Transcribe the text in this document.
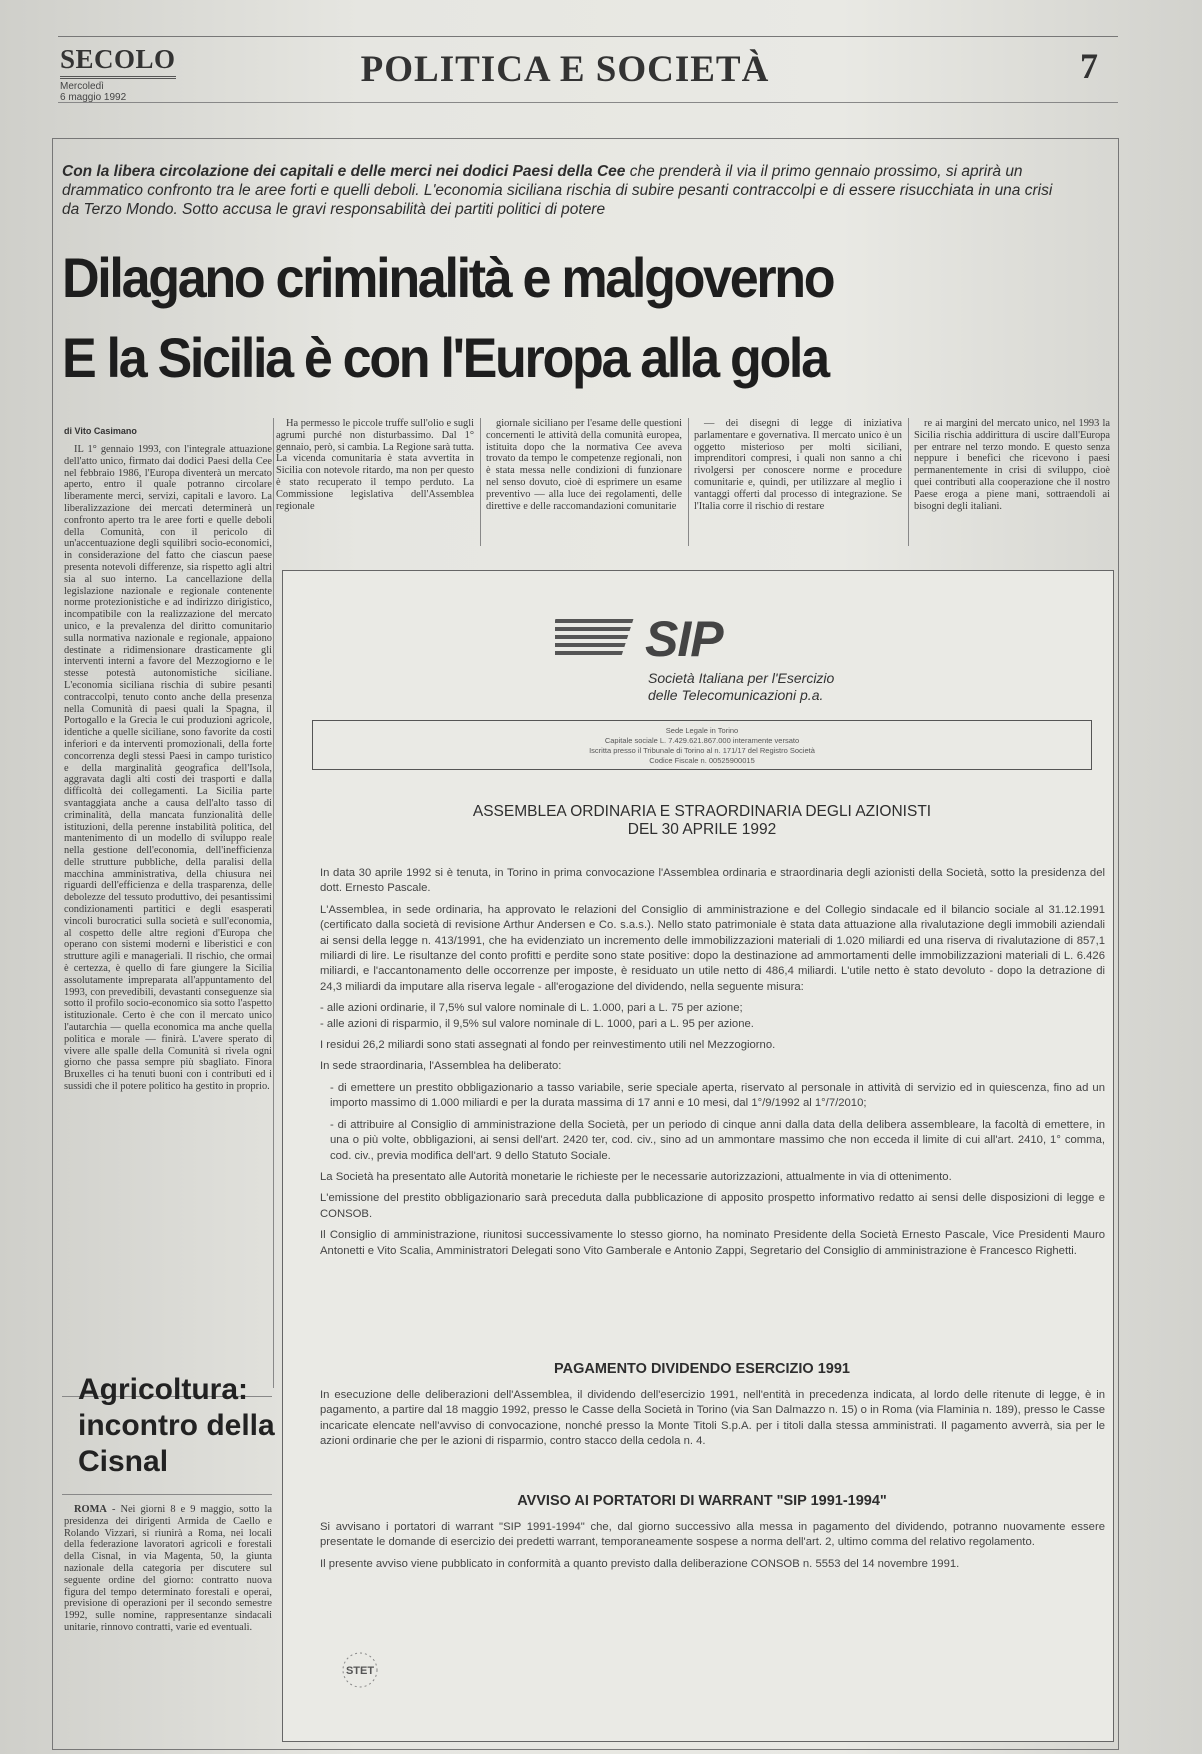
SECOLO
Mercoledì
6 maggio 1992
POLITICA E SOCIETÀ	7
Con la libera circolazione dei capitali e delle merci nei dodici Paesi della Cee che prenderà il via il primo gennaio prossimo, si aprirà un drammatico confronto tra le aree forti e quelli deboli. L'economia siciliana rischia di subire pesanti contraccolpi e di essere risucchiata in una crisi da Terzo Mondo. Sotto accusa le gravi responsabilità dei partiti politici di potere
Dilagano criminalità e malgoverno
E la Sicilia è con l'Europa alla gola
di Vito Casimano

IL 1° gennaio 1993, con l'integrale attuazione dell'atto unico, firmato dai dodici Paesi della Cee nel febbraio 1986, l'Europa diventerà un mercato aperto, entro il quale potranno circolare liberamente merci, servizi, capitali e lavoro. La liberalizzazione dei mercati determinerà un confronto aperto tra le aree forti e quelle deboli della Comunità, con il pericolo di un'accentuazione degli squilibri socio-economici, in considerazione del fatto che ciascun paese presenta notevoli differenze, sia rispetto agli altri sia al suo interno. La cancellazione della legislazione nazionale e regionale contenente norme protezionistiche e ad indirizzo dirigistico, incompatibile con la realizzazione del mercato unico, e la prevalenza del diritto comunitario sulla normativa nazionale e regionale, appaiono destinate a ridimensionare drasticamente gli interventi interni a favore del Mezzogiorno e le stesse potestà autonomistiche siciliane. L'economia siciliana rischia di subire pesanti contraccolpi, tenuto conto anche della presenza nella Comunità di paesi quali la Spagna, il Portogallo e la Grecia le cui produzioni agricole, identiche a quelle siciliane, sono favorite da costi inferiori e da interventi promozionali, della forte concorrenza degli stessi Paesi in campo turistico e della marginalità geografica dell'Isola, aggravata dagli alti costi dei trasporti e dalla difficoltà dei collegamenti. La Sicilia parte svantaggiata anche a causa dell'alto tasso di criminalità, della mancata funzionalità delle istituzioni, della perenne instabilità politica, del mantenimento di un modello di sviluppo reale nella gestione dell'economia, dell'inefficienza delle strutture pubbliche, della paralisi della macchina amministrativa, della chiusura nei riguardi dell'efficienza e della trasparenza, delle debolezze del tessuto produttivo, dei pesantissimi condizionamenti partitici e degli esasperati vincoli burocratici sulla società e sull'economia, al cospetto delle altre regioni d'Europa che operano con sistemi moderni e liberistici e con strutture agili e manageriali. Il rischio, che ormai è certezza, è quello di fare giungere la Sicilia assolutamente impreparata all'appuntamento del 1993, con prevedibili, devastanti conseguenze sia sotto il profilo socio-economico sia sotto l'aspetto istituzionale. Certo è che con il mercato unico l'autarchia — quella economica ma anche quella politica e morale — finirà. L'avere sperato di vivere alle spalle della Comunità si rivela ogni giorno che passa sempre più sbagliato. Finora Bruxelles ci ha tenuti buoni con i contributi ed i sussidi che il potere politico ha gestito in proprio.

Ha permesso le piccole truffe sull'olio e sugli agrumi purché non disturbassimo. Dal 1° gennaio, però, si cambia. La Regione sarà tutta. La vicenda comunitaria è stata avvertita in Sicilia con notevole ritardo, ma non per questo è stato recuperato il tempo perduto. La Commissione legislativa dell'Assemblea regionale

giornale siciliano per l'esame delle questioni concernenti le attività della comunità europea, istituita dopo che la normativa Cee aveva trovato da tempo le competenze regionali, non è stata messa nelle condizioni di funzionare nel senso dovuto, cioè di esprimere un esame preventivo — alla luce dei regolamenti, delle direttive e delle raccomandazioni comunitarie

— dei disegni di legge di iniziativa parlamentare e governativa. Il mercato unico è un oggetto misterioso per molti siciliani, imprenditori compresi, i quali non sanno a chi rivolgersi per conoscere norme e procedure comunitarie e, quindi, per utilizzare al meglio i vantaggi offerti dal processo di integrazione. Se l'Italia corre il rischio di restare

re ai margini del mercato unico, nel 1993 la Sicilia rischia addirittura di uscire dall'Europa per entrare nel terzo mondo. E questo senza neppure i benefici che ricevono i paesi permanentemente in crisi di sviluppo, cioè quei contributi alla cooperazione che il nostro Paese eroga a piene mani, sottraendoli ai bisogni degli italiani.

Agricoltura: incontro della Cisnal

ROMA - Nei giorni 8 e 9 maggio, sotto la presidenza dei dirigenti Armida de Caello e Rolando Vizzari, si riunirà a Roma, nei locali della federazione lavoratori agricoli e forestali della Cisnal, in via Magenta, 50, la giunta nazionale della categoria per discutere sul seguente ordine del giorno: contratto nuova figura del tempo determinato forestali e operai, previsione di operazioni per il secondo semestre 1992, sulle nomine, rappresentanze sindacali unitarie, rinnovo contratti, varie ed eventuali.

SIP
Società Italiana per l'Esercizio
delle Telecomunicazioni p.a.
Sede Legale in Torino
Capitale sociale L. 7.429.621.867.000 interamente versato
Iscritta presso il Tribunale di Torino al n. 171/17 del Registro Società
Codice Fiscale n. 00525900015
ASSEMBLEA ORDINARIA E STRAORDINARIA DEGLI AZIONISTI
DEL 30 APRILE 1992

In data 30 aprile 1992 si è tenuta, in Torino in prima convocazione l'Assemblea ordinaria e straordinaria degli azionisti della Società, sotto la presidenza del dott. Ernesto Pascale.

L'Assemblea, in sede ordinaria, ha approvato le relazioni del Consiglio di amministrazione e del Collegio sindacale ed il bilancio sociale al 31.12.1991 (certificato dalla società di revisione Arthur Andersen e Co. s.a.s.). Nello stato patrimoniale è stata data attuazione alla rivalutazione degli immobili aziendali ai sensi della legge n. 413/1991, che ha evidenziato un incremento delle immobilizzazioni materiali di 1.020 miliardi ed una riserva di rivalutazione di 857,1 miliardi di lire. Le risultanze del conto profitti e perdite sono state positive: dopo la destinazione ad ammortamenti delle immobilizzazioni materiali di L. 6.426 miliardi, e l'accantonamento delle occorrenze per imposte, è residuato un utile netto di 486,4 miliardi. L'utile netto è stato devoluto - dopo la detrazione di 24,3 miliardi da imputare alla riserva legale - all'erogazione del dividendo, nella seguente misura:

- alle azioni ordinarie, il 7,5% sul valore nominale di L. 1.000, pari a L. 75 per azione;

- alle azioni di risparmio, il 9,5% sul valore nominale di L. 1000, pari a L. 95 per azione.

I residui 26,2 miliardi sono stati assegnati al fondo per reinvestimento utili nel Mezzogiorno.

In sede straordinaria, l'Assemblea ha deliberato:

- di emettere un prestito obbligazionario a tasso variabile, serie speciale aperta, riservato al personale in attività di servizio ed in quiescenza, fino ad un importo massimo di 1.000 miliardi e per la durata massima di 17 anni e 10 mesi, dal 1°/9/1992 al 1°/7/2010;

- di attribuire al Consiglio di amministrazione della Società, per un periodo di cinque anni dalla data della delibera assembleare, la facoltà di emettere, in una o più volte, obbligazioni, ai sensi dell'art. 2420 ter, cod. civ., sino ad un ammontare massimo che non ecceda il limite di cui all'art. 2410, 1° comma, cod. civ., previa modifica dell'art. 9 dello Statuto Sociale.

La Società ha presentato alle Autorità monetarie le richieste per le necessarie autorizzazioni, attualmente in via di ottenimento.

L'emissione del prestito obbligazionario sarà preceduta dalla pubblicazione di apposito prospetto informativo redatto ai sensi delle disposizioni di legge e CONSOB.

Il Consiglio di amministrazione, riunitosi successivamente lo stesso giorno, ha nominato Presidente della Società Ernesto Pascale, Vice Presidenti Mauro Antonetti e Vito Scalia, Amministratori Delegati sono Vito Gamberale e Antonio Zappi, Segretario del Consiglio di amministrazione è Francesco Righetti.

PAGAMENTO DIVIDENDO ESERCIZIO 1991

In esecuzione delle deliberazioni dell'Assemblea, il dividendo dell'esercizio 1991, nell'entità in precedenza indicata, al lordo delle ritenute di legge, è in pagamento, a partire dal 18 maggio 1992, presso le Casse della Società in Torino (via San Dalmazzo n. 15) o in Roma (via Flaminia n. 189), presso le Casse incaricate elencate nell'avviso di convocazione, nonché presso la Monte Titoli S.p.A. per i titoli dalla stessa amministrati. Il pagamento avverrà, sia per le azioni ordinarie che per le azioni di risparmio, contro stacco della cedola n. 4.

AVVISO AI PORTATORI DI WARRANT "SIP 1991-1994"

Si avvisano i portatori di warrant "SIP 1991-1994" che, dal giorno successivo alla messa in pagamento del dividendo, potranno nuovamente essere presentate le domande di esercizio dei predetti warrant, temporaneamente sospese a norma dell'art. 2, ultimo comma del relativo regolamento.

Il presente avviso viene pubblicato in conformità a quanto previsto dalla deliberazione CONSOB n. 5553 del 14 novembre 1991.

STET
